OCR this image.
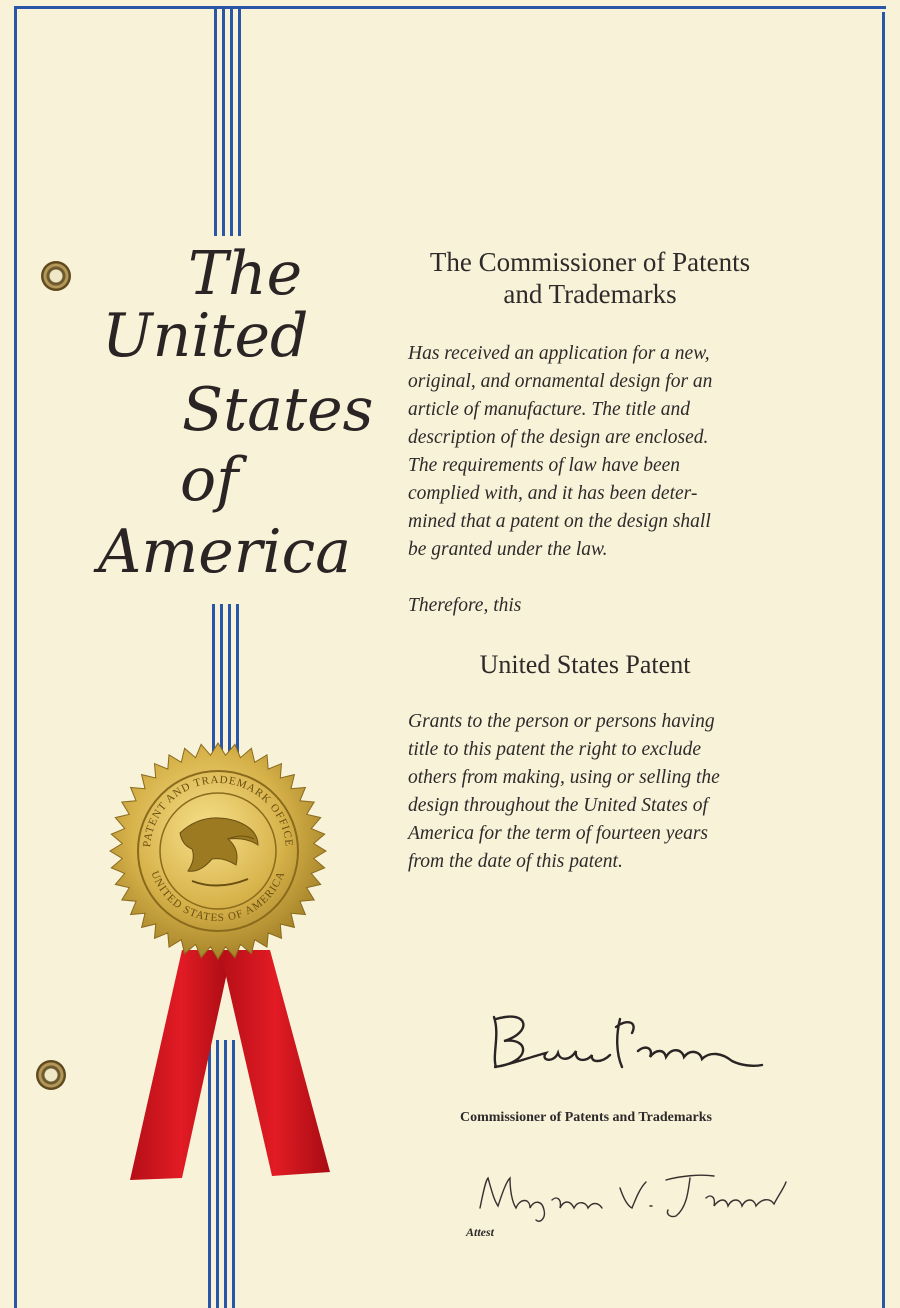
The
United
States
of
America
The Commissioner of Patents
and Trademarks
Has received an application for a new,
original, and ornamental design for an
article of manufacture. The title and
description of the design are enclosed.
The requirements of law have been
complied with, and it has been deter-
mined that a patent on the design shall
be granted under the law.
Therefore, this
United States Patent
Grants to the person or persons having
title to this patent the right to exclude
others from making, using or selling the
design throughout the United States of
America for the term of fourteen years
from the date of this patent.
PATENT AND TRADEMARK OFFICE
UNITED STATES OF AMERICA
Commissioner of Patents and Trademarks
Attest
